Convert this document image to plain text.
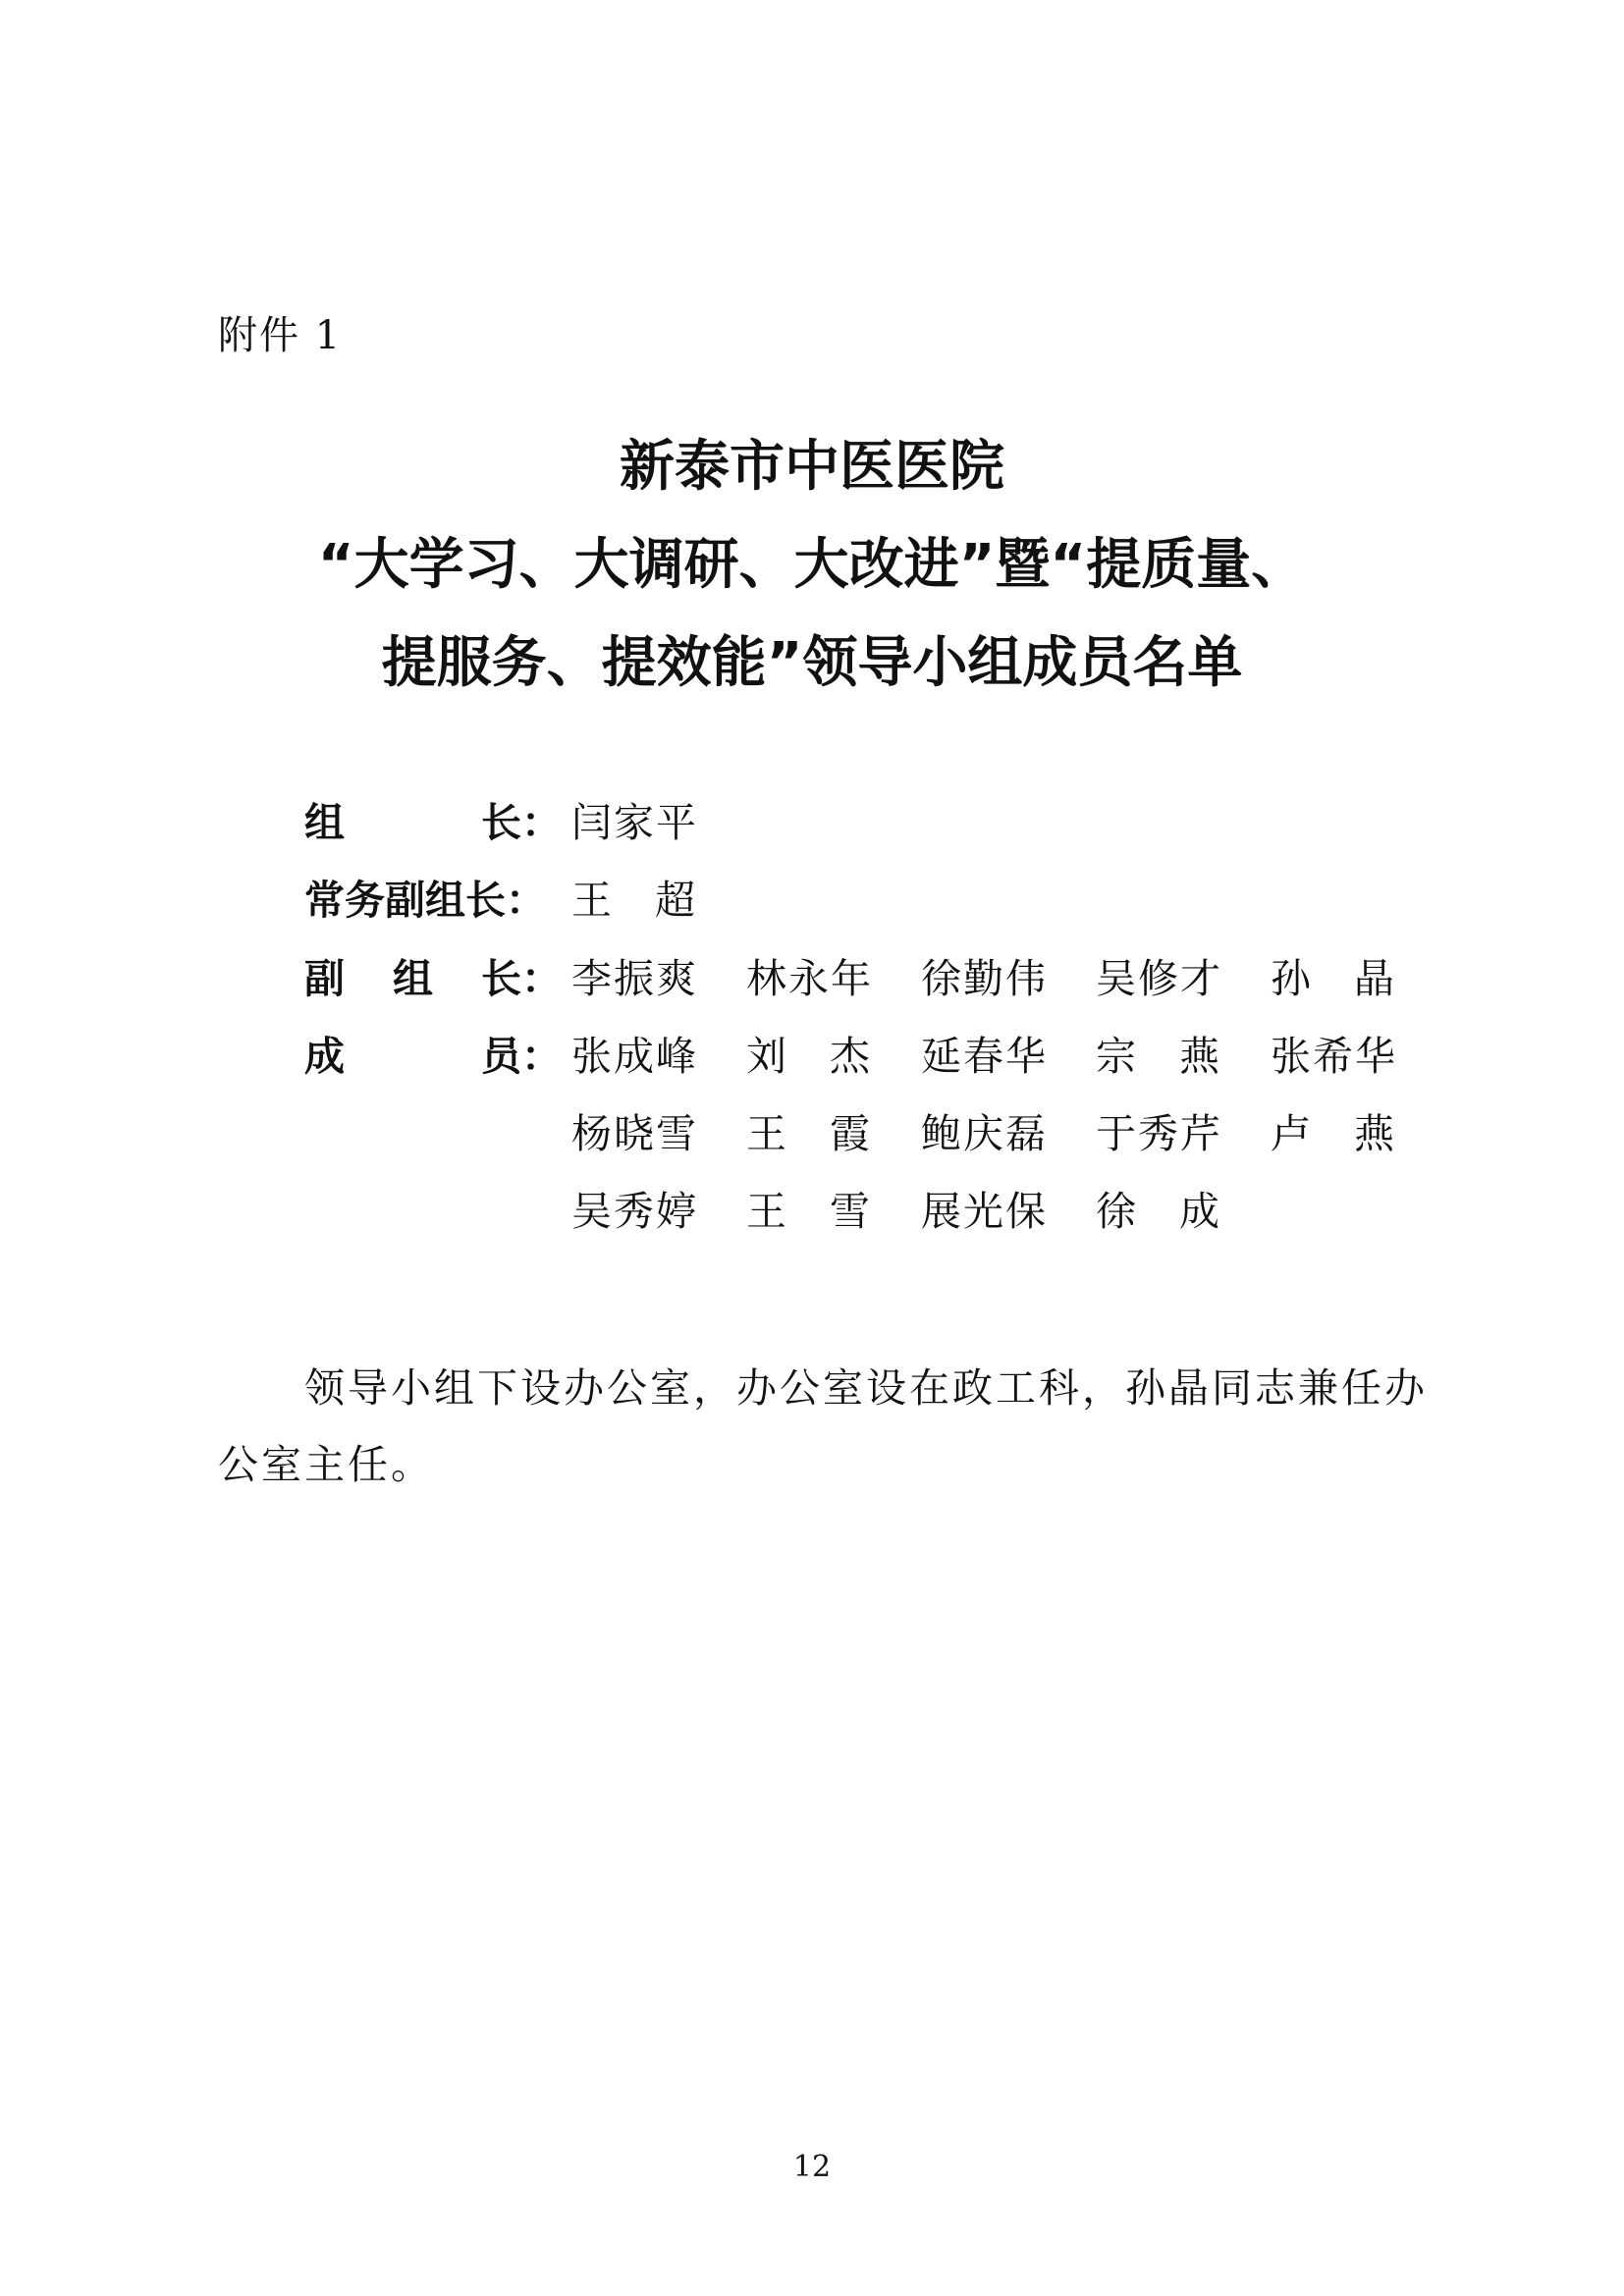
附件 1
新泰市中医医院
“大学习、大调研、大改进”暨“提质量、
提服务、提效能”领导小组成员名单
组	长： 闫家平
常务副组长： 王超
副 组 长： 李振爽 林永年 徐勤伟 吴修才 孙晶
成	员： 张成峰 刘杰 延春华 宗燕 张希华
杨晓雪 王霞 鲍庆磊 于秀芹 卢燕
吴秀婷 王雪 展光保 徐成
领导小组下设办公室，办公室设在政工科，孙晶同志兼任办
公室主任。
12
